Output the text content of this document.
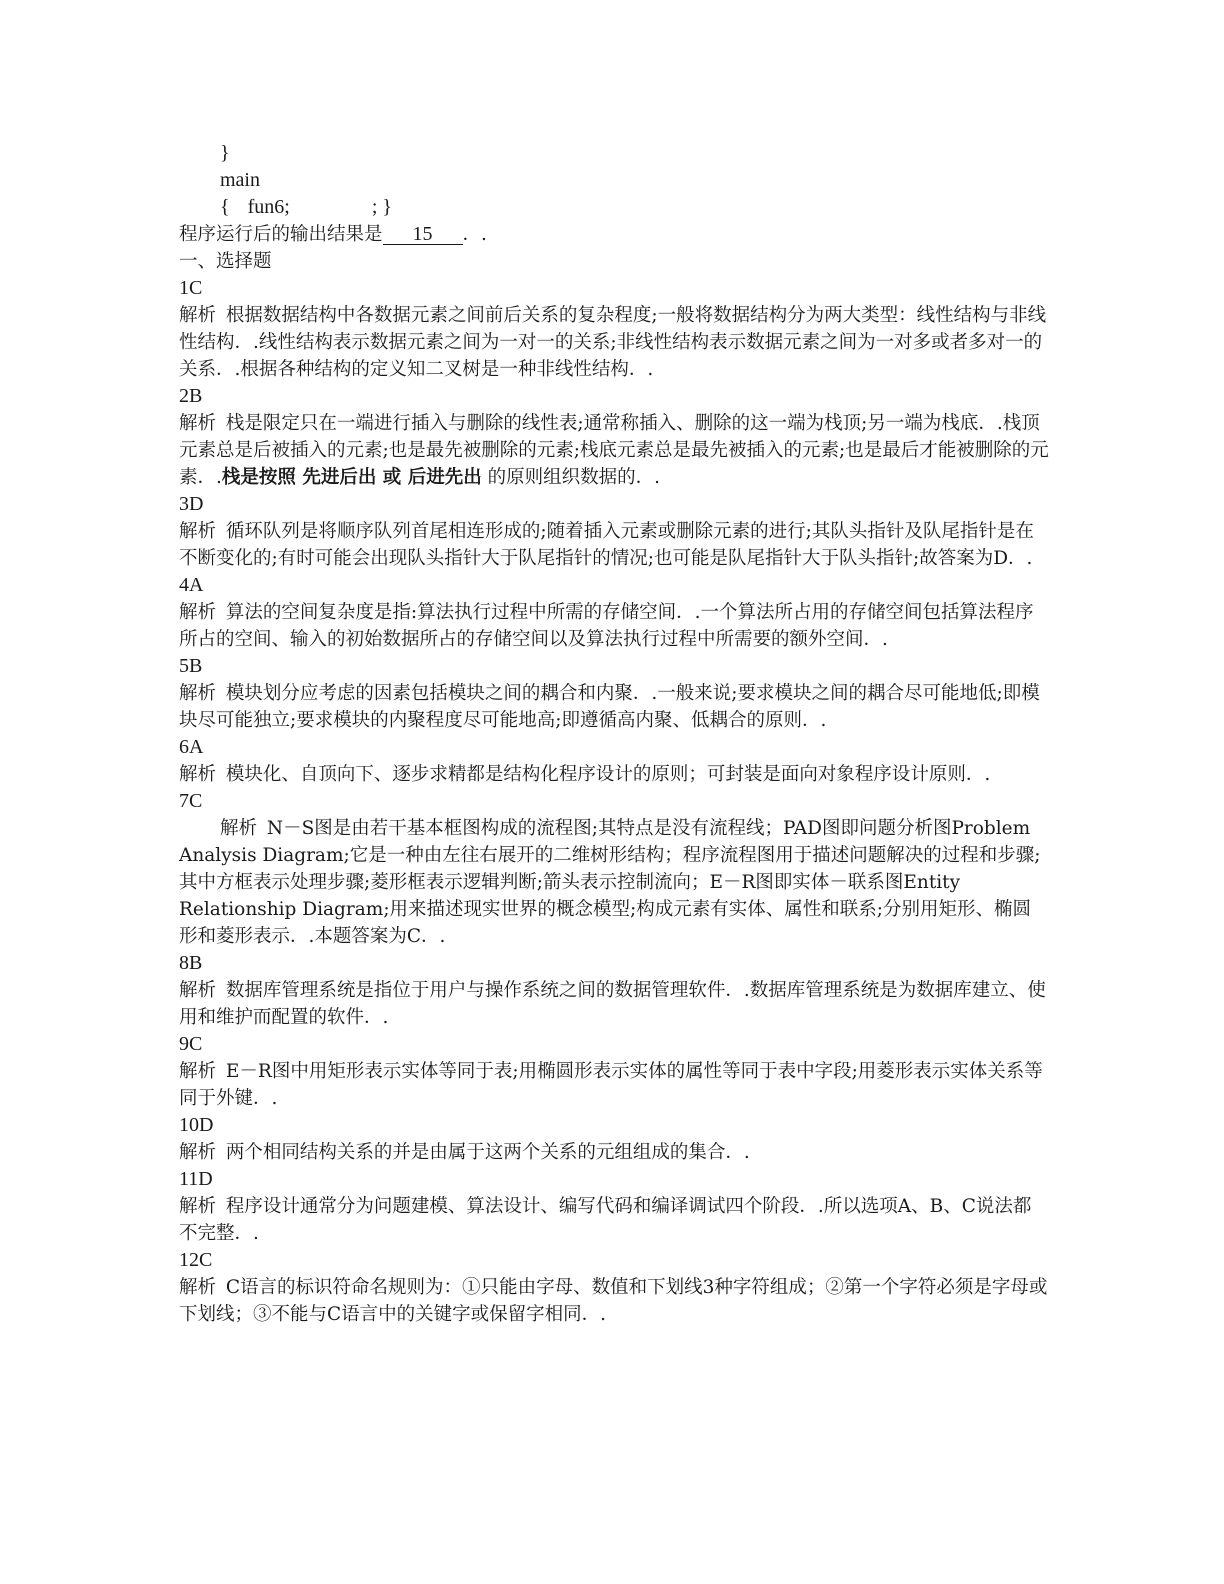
}
main
{ fun6;	; }
程序运行后的输出结果是 15 ．.
一、选择题
1C
解析 根据数据结构中各数据元素之间前后关系的复杂程度;一般将数据结构分为两大类型：线性结构与非线性结构．.线性结构表示数据元素之间为一对一的关系;非线性结构表示数据元素之间为一对多或者多对一的关系．.根据各种结构的定义知二叉树是一种非线性结构．.
2B
解析 栈是限定只在一端进行插入与删除的线性表;通常称插入、删除的这一端为栈顶;另一端为栈底．.栈顶元素总是后被插入的元素;也是最先被删除的元素;栈底元素总是最先被插入的元素;也是最后才能被删除的元素．.栈是按照 先进后出 或 后进先出 的原则组织数据的．.
3D
解析 循环队列是将顺序队列首尾相连形成的;随着插入元素或删除元素的进行;其队头指针及队尾指针是在不断变化的;有时可能会出现队头指针大于队尾指针的情况;也可能是队尾指针大于队头指针;故答案为D．.
4A
解析 算法的空间复杂度是指:算法执行过程中所需的存储空间．.一个算法所占用的存储空间包括算法程序所占的空间、输入的初始数据所占的存储空间以及算法执行过程中所需要的额外空间．.
5B
解析 模块划分应考虑的因素包括模块之间的耦合和内聚．.一般来说;要求模块之间的耦合尽可能地低;即模块尽可能独立;要求模块的内聚程度尽可能地高;即遵循高内聚、低耦合的原则．.
6A
解析 模块化、自顶向下、逐步求精都是结构化程序设计的原则；可封装是面向对象程序设计原则．.
7C
解析 N－S图是由若干基本框图构成的流程图;其特点是没有流程线；PAD图即问题分析图Problem Analysis Diagram;它是一种由左往右展开的二维树形结构；程序流程图用于描述问题解决的过程和步骤;其中方框表示处理步骤;菱形框表示逻辑判断;箭头表示控制流向；E－R图即实体－联系图Entity Relationship Diagram;用来描述现实世界的概念模型;构成元素有实体、属性和联系;分别用矩形、椭圆形和菱形表示．.本题答案为C．.
8B
解析 数据库管理系统是指位于用户与操作系统之间的数据管理软件．.数据库管理系统是为数据库建立、使用和维护而配置的软件．.
9C
解析 E－R图中用矩形表示实体等同于表;用椭圆形表示实体的属性等同于表中字段;用菱形表示实体关系等同于外键．.
10D
解析 两个相同结构关系的并是由属于这两个关系的元组组成的集合．.
11D
解析 程序设计通常分为问题建模、算法设计、编写代码和编译调试四个阶段．.所以选项A、B、C说法都不完整．.
12C
解析 C语言的标识符命名规则为：①只能由字母、数值和下划线3种字符组成；②第一个字符必须是字母或下划线；③不能与C语言中的关键字或保留字相同．.
